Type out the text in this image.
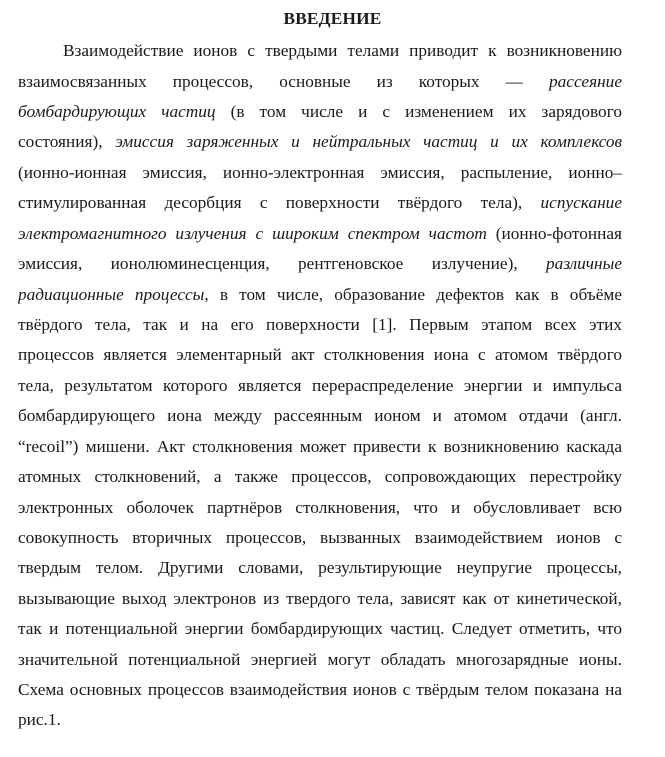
ВВЕДЕНИЕ
Взаимодействие ионов с твердыми телами приводит к возникновению
взаимосвязанных процессов, основные из которых — рассеяние
бомбардирующих частиц (в том числе и с изменением их зарядового
состояния), эмиссия заряженных и нейтральных частиц и их комплексов
(ионно-ионная эмиссия, ионно-электронная эмиссия, распыление, ионно–
стимулированная десорбция с поверхности твёрдого тела), испускание
электромагнитного излучения с широким спектром частот (ионно-фотонная
эмиссия, ионолюминесценция, рентгеновское излучение), различные
радиационные процессы, в том числе, образование дефектов как в объёме
твёрдого тела, так и на его поверхности [1]. Первым этапом всех этих
процессов является элементарный акт столкновения иона с атомом твёрдого
тела, результатом которого является перераспределение энергии и импульса
бомбардирующего иона между рассеянным ионом и атомом отдачи (англ.
“recoil”) мишени. Акт столкновения может привести к возникновению каскада
атомных столкновений, а также процессов, сопровождающих перестройку
электронных оболочек партнёров столкновения, что и обусловливает всю
совокупность вторичных процессов, вызванных взаимодействием ионов с
твердым телом. Другими словами, результирующие неупругие процессы,
вызывающие выход электронов из твердого тела, зависят как от кинетической,
так и потенциальной энергии бомбардирующих частиц. Следует отметить, что
значительной потенциальной энергией могут обладать многозарядные ионы.
Схема основных процессов взаимодействия ионов с твёрдым телом показана на
рис.1.
